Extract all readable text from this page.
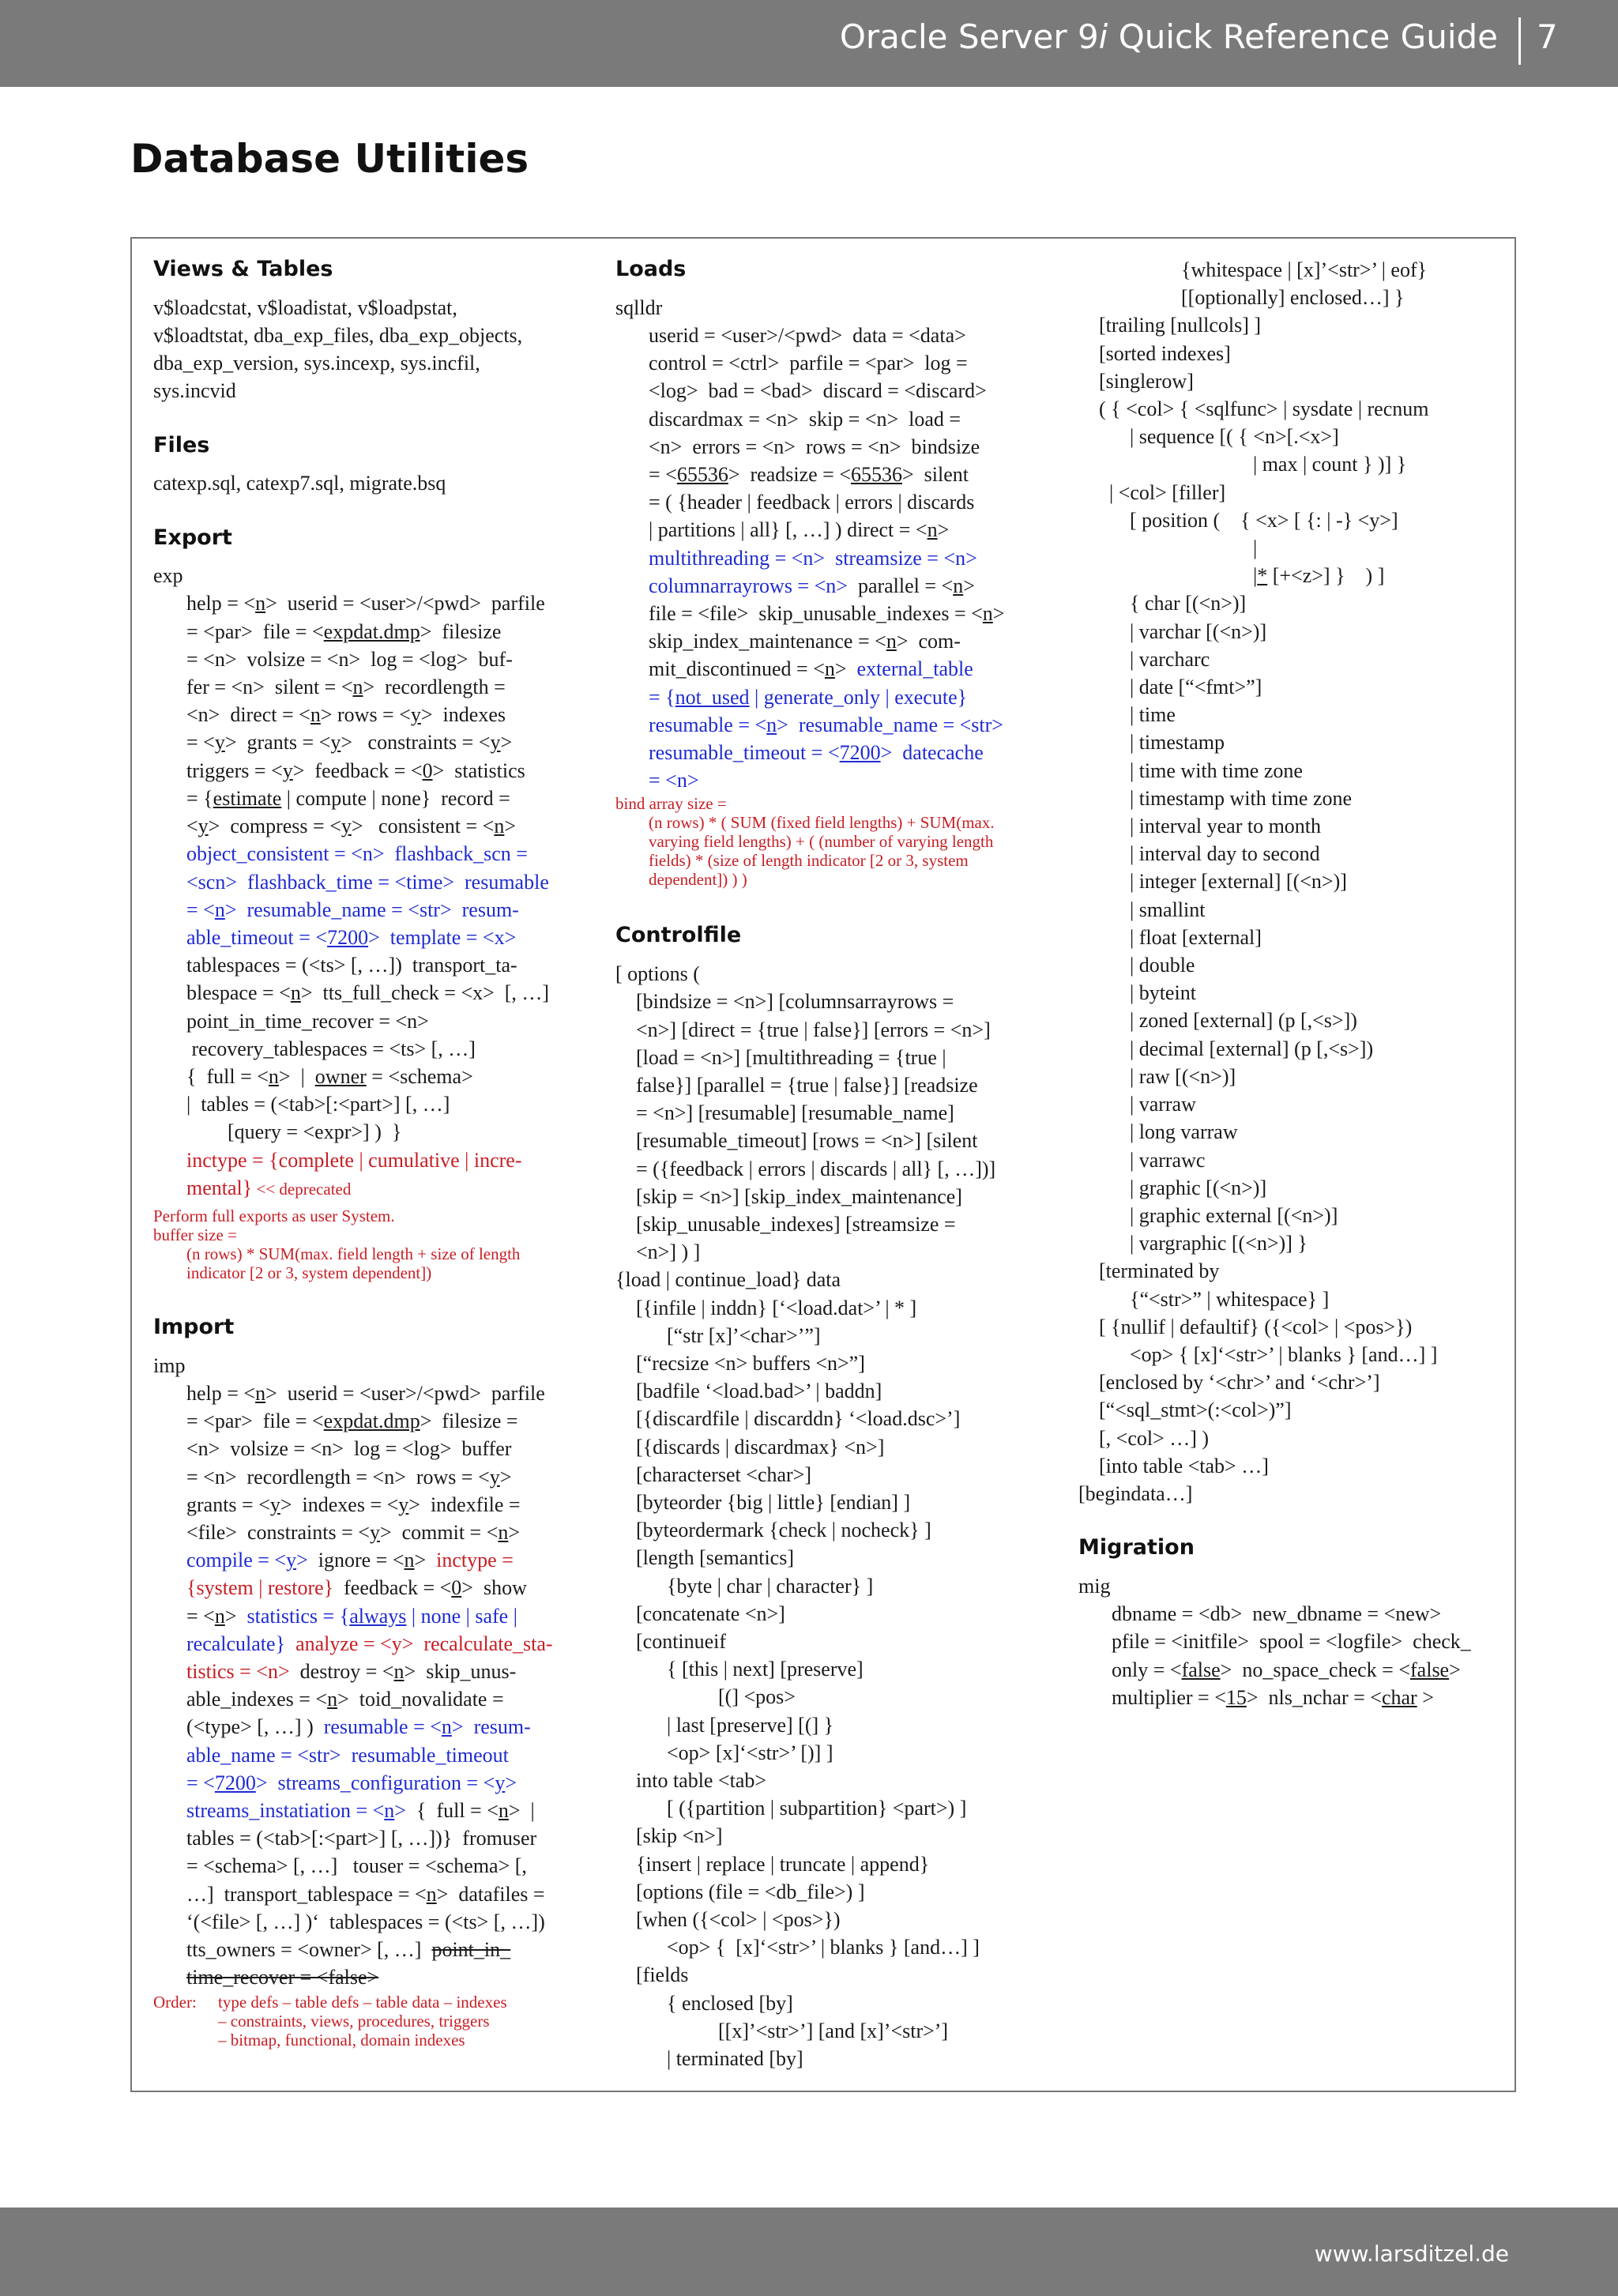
Oracle Server 9i Quick Reference Guide 7
Database Utilities
Views & Tables
v$loadcstat, v$loadistat, v$loadpstat,
v$loadtstat, dba_exp_files, dba_exp_objects,
dba_exp_version, sys.incexp, sys.incfil,
sys.incvid
Files
catexp.sql, catexp7.sql, migrate.bsq
Export
exp
help = <n>  userid = <user>/<pwd>  parfile
= <par>  file = <expdat.dmp>  filesize
= <n>  volsize = <n>  log = <log>  buf-
fer = <n>  silent = <n>  recordlength =
<n>  direct = <n> rows = <y>  indexes
= <y>  grants = <y>   constraints = <y>
triggers = <y>  feedback = <0>  statistics
= {estimate | compute | none}  record =
<y>  compress = <y>   consistent = <n>
object_consistent = <n>  flashback_scn =
<scn>  flashback_time = <time>  resumable
= <n>  resumable_name = <str>  resum-
able_timeout = <7200>  template = <x>
tablespaces = (<ts> [, …])  transport_ta-
blespace = <n>  tts_full_check = <x>  [, …]
point_in_time_recover = <n>
recovery_tablespaces = <ts> [, …]
{  full = <n>  |  owner = <schema>
|  tables = (<tab>[:<part>] [, …]
[query = <expr>] )  }
inctype = {complete | cumulative | incre-
mental} << deprecated
Perform full exports as user System.
buffer size =
(n rows) * SUM(max. field length + size of length
indicator [2 or 3, system dependent])
Import
imp
help = <n>  userid = <user>/<pwd>  parfile
= <par>  file = <expdat.dmp>  filesize =
<n>  volsize = <n>  log = <log>  buffer
= <n>  recordlength = <n>  rows = <y>
grants = <y>  indexes = <y>  indexfile =
<file>  constraints = <y>  commit = <n>
compile = <y>  ignore = <n>  inctype =
{system | restore}  feedback = <0>  show
= <n>  statistics = {always | none | safe |
recalculate}  analyze = <y>  recalculate_sta-
tistics = <n>  destroy = <n>  skip_unus-
able_indexes = <n>  toid_novalidate =
(<type> [, …] )  resumable = <n>  resum-
able_name = <str>  resumable_timeout
= <7200>  streams_configuration = <y>
streams_instatiation = <n>  {  full = <n>  |
tables = (<tab>[:<part>] [, …])}  fromuser
= <schema> [, …]   touser = <schema> [,
…]  transport_tablespace = <n>  datafiles =
‘(<file> [, …] )‘  tablespaces = (<ts> [, …])
tts_owners = <owner> [, …]  point_in_
time_recover = <false>
Order:	type defs – table defs – table data – indexes
– constraints, views, procedures, triggers
– bitmap, functional, domain indexes
Loads
sqlldr
userid = <user>/<pwd>  data = <data>
control = <ctrl>  parfile = <par>  log =
<log>  bad = <bad>  discard = <discard>
discardmax = <n>  skip = <n>  load =
<n>  errors = <n>  rows = <n>  bindsize
= <65536>  readsize = <65536>  silent
= ( {header | feedback | errors | discards
| partitions | all} [, …] ) direct = <n>
multithreading = <n>  streamsize = <n>
columnarrayrows = <n>  parallel = <n>
file = <file>  skip_unusable_indexes = <n>
skip_index_maintenance = <n>  com-
mit_discontinued = <n>  external_table
= {not_used | generate_only | execute}
resumable = <n>  resumable_name = <str>
resumable_timeout = <7200>  datecache
= <n>
bind array size =
(n rows) * ( SUM (fixed field lengths) + SUM(max.
varying field lengths) + ( (number of varying length
fields) * (size of length indicator [2 or 3, system
dependent]) ) )
Controlfile
[ options (
[bindsize = <n>] [columnsarrayrows =
<n>] [direct = {true | false}] [errors = <n>]
[load = <n>] [multithreading = {true |
false}] [parallel = {true | false}] [readsize
= <n>] [resumable] [resumable_name]
[resumable_timeout] [rows = <n>] [silent
= ({feedback | errors | discards | all} [, …])]
[skip = <n>] [skip_index_maintenance]
[skip_unusable_indexes] [streamsize =
<n>] ) ]
{load | continue_load} data
[{infile | inddn} [‘<load.dat>’ | * ]
[“str [x]’<char>’”]
[“recsize <n> buffers <n>”]
[badfile ‘<load.bad>’ | baddn]
[{discardfile | discarddn} ‘<load.dsc>’]
[{discards | discardmax} <n>]
[characterset <char>]
[byteorder {big | little} [endian] ]
[byteordermark {check | nocheck} ]
[length [semantics]
{byte | char | character} ]
[concatenate <n>]
[continueif
{ [this | next] [preserve]
[(] <pos>
| last [preserve] [(] }
<op> [x]‘<str>’ [)] ]
into table <tab>
[ ({partition | subpartition} <part>) ]
[skip <n>]
{insert | replace | truncate | append}
[options (file = <db_file>) ]
[when ({<col> | <pos>})
<op> {  [x]‘<str>’ | blanks } [and…] ]
[fields
{ enclosed [by]
[[x]’<str>’] [and [x]’<str>’]
| terminated [by]
{whitespace | [x]’<str>’ | eof}
[[optionally] enclosed…] }
[trailing [nullcols] ]
[sorted indexes]
[singlerow]
( { <col> { <sqlfunc> | sysdate | recnum
| sequence [( { <n>[.<x>]
| max | count } )] }
| <col> [filler]
[ position (    { <x> [ {: | -} <y>]
|
|* [+<z>] }    ) ]
{ char [(<n>)]
| varchar [(<n>)]
| varcharc
| date [“<fmt>”]
| time
| timestamp
| time with time zone
| timestamp with time zone
| interval year to month
| interval day to second
| integer [external] [(<n>)]
| smallint
| float [external]
| double
| byteint
| zoned [external] (p [,<s>])
| decimal [external] (p [,<s>])
| raw [(<n>)]
| varraw
| long varraw
| varrawc
| graphic [(<n>)]
| graphic external [(<n>)]
| vargraphic [(<n>)] }
[terminated by
{“<str>” | whitespace} ]
[ {nullif | defaultif} ({<col> | <pos>})
<op> { [x]‘<str>’ | blanks } [and…] ]
[enclosed by ‘<chr>’ and ‘<chr>’]
[“<sql_stmt>(:<col>)”]
[, <col> …] )
[into table <tab> …]
[begindata…]
Migration
mig
dbname = <db>  new_dbname = <new>
pfile = <initfile>  spool = <logfile>  check_
only = <false>  no_space_check = <false>
multiplier = <15>  nls_nchar = <char >
www.larsditzel.de
